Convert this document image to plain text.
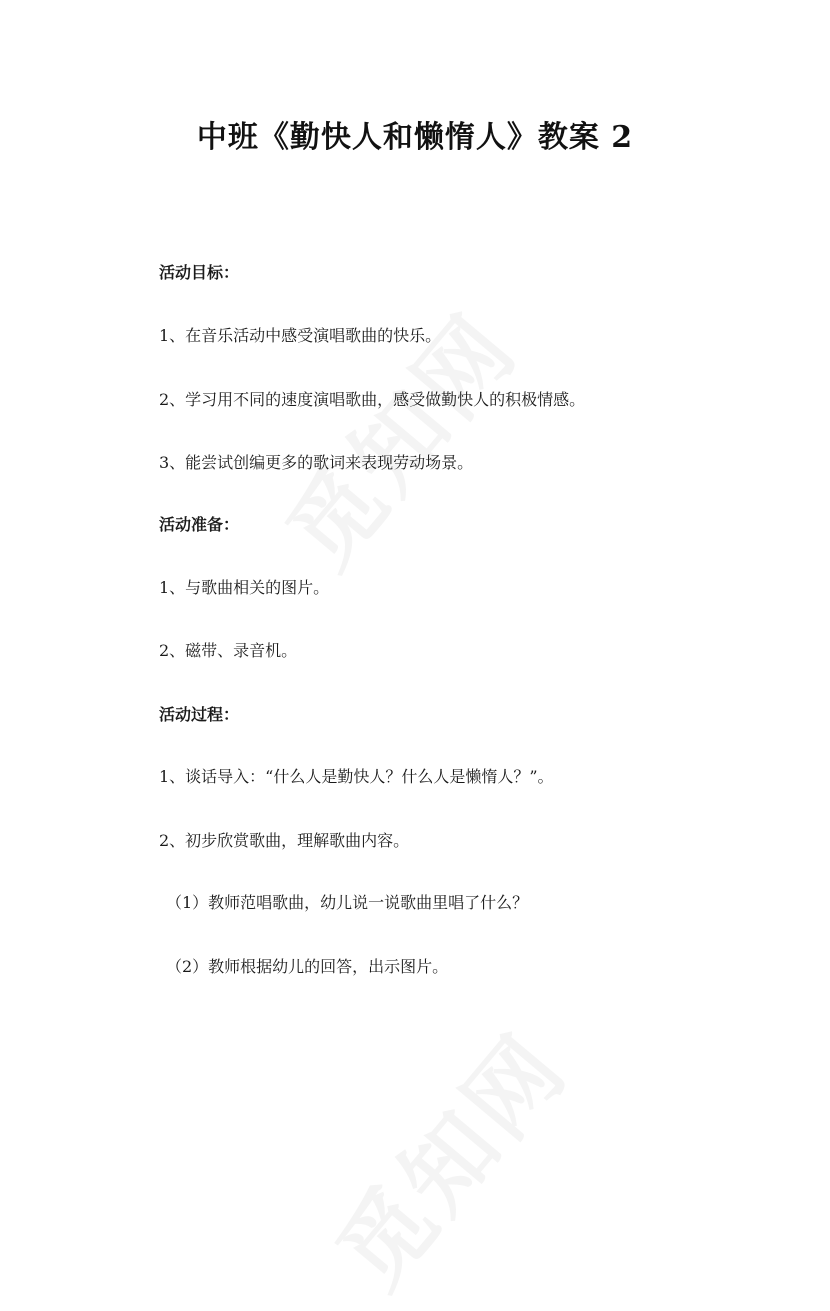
中班《勤快人和懒惰人》教案 2
活动目标：
1、在音乐活动中感受演唱歌曲的快乐。
2、学习用不同的速度演唱歌曲，感受做勤快人的积极情感。
3、能尝试创编更多的歌词来表现劳动场景。
活动准备：
1、与歌曲相关的图片。
2、磁带、录音机。
活动过程：
1、谈话导入：“什么人是勤快人？什么人是懒惰人？”。
2、初步欣赏歌曲，理解歌曲内容。
（1）教师范唱歌曲，幼儿说一说歌曲里唱了什么？
（2）教师根据幼儿的回答，出示图片。
